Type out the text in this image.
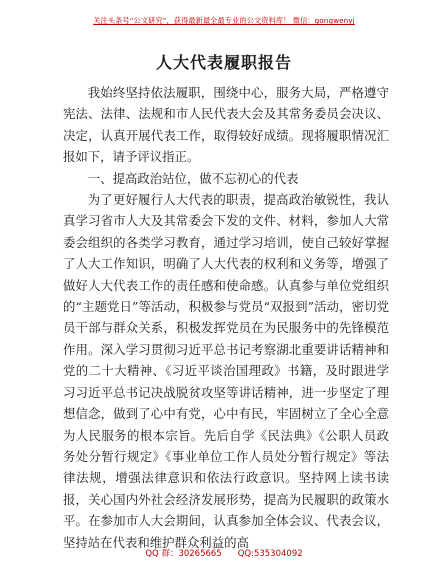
关注头条号“公文研究”，获得最新最全最专业的公文资料库！ 微信：gongwenyj
人大代表履职报告

我始终坚持依法履职，围绕中心，服务大局，严格遵守宪法、法律、法规和市人民代表大会及其常务委员会决议、决定，认真开展代表工作，取得较好成绩。现将履职情况汇报如下，请予评议指正。

一、提高政治站位，做不忘初心的代表

为了更好履行人大代表的职责，提高政治敏锐性，我认真学习省市人大及其常委会下发的文件、材料，参加人大常委会组织的各类学习教育，通过学习培训，使自己较好掌握了人大工作知识，明确了人大代表的权利和义务等，增强了做好人大代表工作的责任感和使命感。认真参与单位党组织的“主题党日”等活动，积极参与党员“双报到”活动，密切党员干部与群众关系，积极发挥党员在为民服务中的先锋模范作用。深入学习贯彻习近平总书记考察湖北重要讲话精神和党的二十大精神、《习近平谈治国理政》书籍，及时跟进学习习近平总书记决战脱贫攻坚等讲话精神，进一步坚定了理想信念，做到了心中有党，心中有民，牢固树立了全心全意为人民服务的根本宗旨。先后自学《民法典》《公职人员政务处分暂行规定》《事业单位工作人员处分暂行规定》等法律法规，增强法律意识和依法行政意识。坚持网上读书读报，关心国内外社会经济发展形势，提高为民履职的政策水平。在参加市人大会期间，认真参加全体会议、代表会议，坚持站在代表和维护群众利益的高

QQ 群：30265665 QQ:535304092
